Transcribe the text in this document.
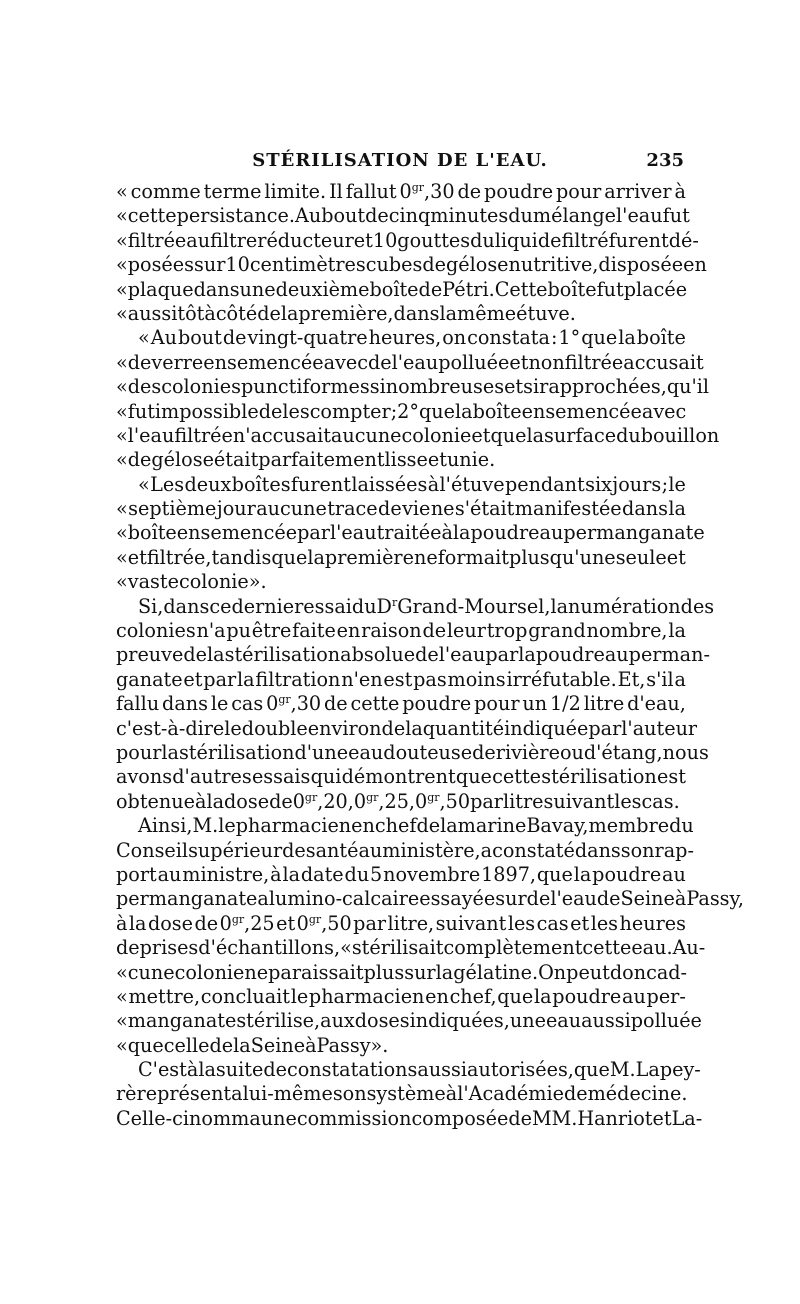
STÉRILISATION DE L'EAU.	235
« comme terme limite. Il fallut $0^{gr},30$ de poudre pour arriver à
« cette persistance. Au bout de cinq minutes du mélange l'eau fut
« filtrée au filtre réducteur et 10 gouttes du liquide filtré furent dé-
« posées sur 10 centimètres cubes de gélose nutritive, disposée en
« plaque dans une deuxième boîte de Pétri. Cette boîte fut placée
« aussitôt à côté de la première, dans la même étuve.
« Au bout de vingt-quatre heures, on constata : 1° que la boîte
« de verre ensemencée avec de l'eau polluée et non filtrée accusait
« des colonies punctiformes si nombreuses et si rapprochées, qu'il
« fut impossible de les compter ; 2° que la boîte ensemencée avec
« l'eau filtrée n'accusait aucune colonie et que la surface du bouillon
« de gélose était parfaitement lisse et unie.
« Les deux boîtes furent laissées à l'étuve pendant six jours ; le
« septième jour aucune trace de vie ne s'était manifestée dans la
« boîte ensemencée par l'eau traitée à la poudre au permanganate
« et filtrée, tandis que la première ne formait plus qu'une seule et
« vaste colonie ».
Si, dans ce dernier essai du $D^r$ Grand-Moursel, la numération des
colonies n'a pu être faite en raison de leur trop grand nombre, la
preuve de la stérilisation absolue de l'eau par la poudre au perman-
ganate et par la filtration n'en est pas moins irréfutable. Et, s'il a
fallu dans le cas $0^{gr},30$ de cette poudre pour un 1/2 litre d'eau,
c'est-à-dire le double environ de la quantité indiquée par l'auteur
pour la stérilisation d'une eau douteuse de rivière ou d'étang, nous
avons d'autres essais qui démontrent que cette stérilisation est
obtenue à la dose de $0^{gr},20$, $0^{gr},25$, $0^{gr},50$ par litre suivant les cas.
Ainsi, M. le pharmacien en chef de la marine Bavay, membre du
Conseil supérieur de santé au ministère, a constaté dans son rap-
port au ministre, à la date du 5 novembre 1897, que la poudre au
permanganate alumino-calcaire essayée sur de l'eau de Seine à Passy,
à la dose de $0^{gr},25$ et $0^{gr},50$ par litre, suivant les cas et les heures
de prises d'échantillons, « stérilisait complètement cette eau. Au-
« cune colonie ne paraissait plus sur la gélatine. On peut donc ad-
« mettre, concluait le pharmacien en chef, que la poudre au per-
« manganate stérilise, aux doses indiquées, une eau aussi polluée
« que celle de la Seine à Passy ».
C'est à la suite de constatations aussi autorisées, que M. Lapey-
rère présenta lui-même son système à l'Académie de médecine.
Celle-ci nomma une commission composée de MM. Hanriot et La-
